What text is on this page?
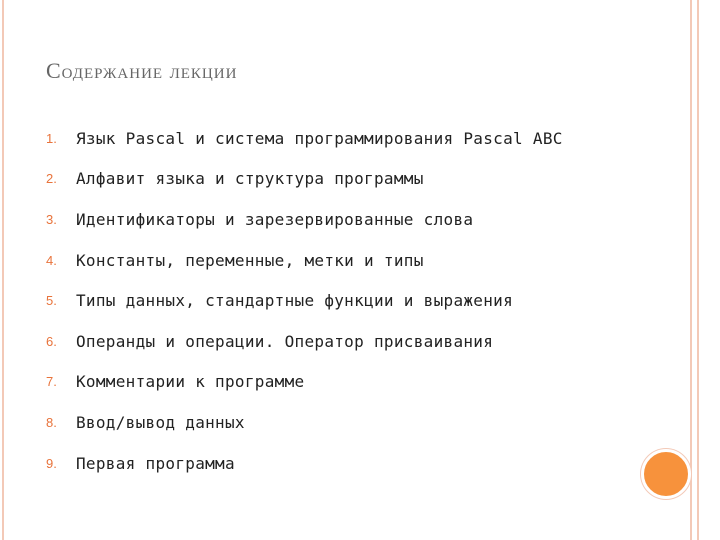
Содержание лекции
1.	Язык Pascal и система программирования Pascal ABC
2.	Алфавит языка и структура программы
3.	Идентификаторы и зарезервированные слова
4.	Константы, переменные, метки и типы
5.	Типы данных, стандартные функции и выражения
6.	Операнды и операции. Оператор присваивания
7.	Комментарии к программе
8.	Ввод/вывод данных
9.	Первая программа
